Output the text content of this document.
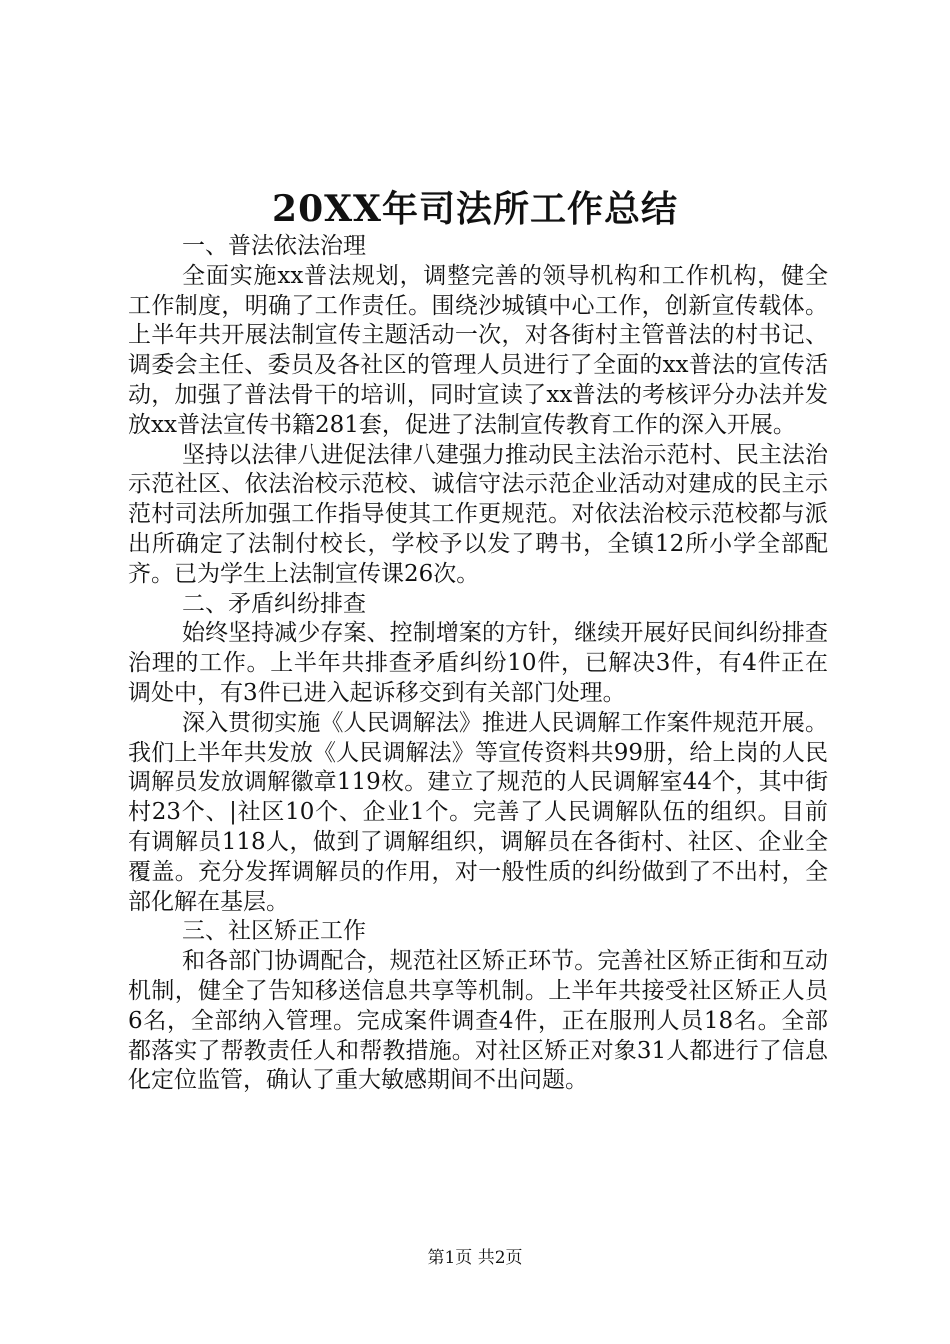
20XX年司法所工作总结

一、普法依法治理

全面实施xx普法规划，调整完善的领导机构和工作机构，健全工作制度，明确了工作责任。围绕沙城镇中心工作，创新宣传载体。上半年共开展法制宣传主题活动一次，对各街村主管普法的村书记、调委会主任、委员及各社区的管理人员进行了全面的xx普法的宣传活动，加强了普法骨干的培训，同时宣读了xx普法的考核评分办法并发放xx普法宣传书籍281套，促进了法制宣传教育工作的深入开展。

坚持以法律八进促法律八建强力推动民主法治示范村、民主法治示范社区、依法治校示范校、诚信守法示范企业活动对建成的民主示范村司法所加强工作指导使其工作更规范。对依法治校示范校都与派出所确定了法制付校长，学校予以发了聘书，全镇12所小学全部配齐。已为学生上法制宣传课26次。

二、矛盾纠纷排查

始终坚持减少存案、控制增案的方针，继续开展好民间纠纷排查治理的工作。上半年共排查矛盾纠纷10件，已解决3件，有4件正在调处中，有3件已进入起诉移交到有关部门处理。

深入贯彻实施《人民调解法》推进人民调解工作案件规范开展。我们上半年共发放《人民调解法》等宣传资料共99册，给上岗的人民调解员发放调解徽章119枚。建立了规范的人民调解室44个，其中街村23个、|社区10个、企业1个。完善了人民调解队伍的组织。目前有调解员118人，做到了调解组织，调解员在各街村、社区、企业全覆盖。充分发挥调解员的作用，对一般性质的纠纷做到了不出村，全部化解在基层。

三、社区矫正工作

和各部门协调配合，规范社区矫正环节。完善社区矫正街和互动机制，健全了告知移送信息共享等机制。上半年共接受社区矫正人员6名，全部纳入管理。完成案件调查4件，正在服刑人员18名。全部都落实了帮教责任人和帮教措施。对社区矫正对象31人都进行了信息化定位监管，确认了重大敏感期间不出问题。

第1页 共2页
